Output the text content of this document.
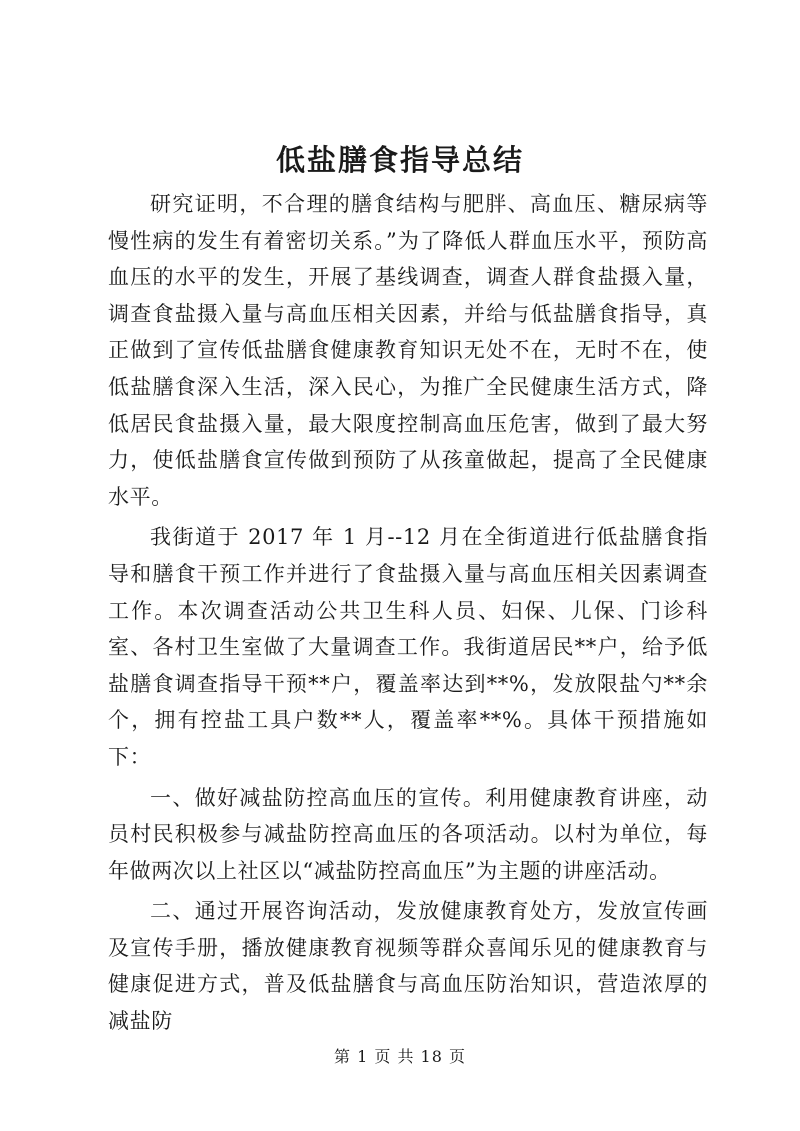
低盐膳食指导总结

研究证明，不合理的膳食结构与肥胖、高血压、糖尿病等慢性病的发生有着密切关系。”为了降低人群血压水平，预防高血压的水平的发生，开展了基线调查，调查人群食盐摄入量，调查食盐摄入量与高血压相关因素，并给与低盐膳食指导，真正做到了宣传低盐膳食健康教育知识无处不在，无时不在，使低盐膳食深入生活，深入民心，为推广全民健康生活方式，降低居民食盐摄入量，最大限度控制高血压危害，做到了最大努力，使低盐膳食宣传做到预防了从孩童做起，提高了全民健康水平。

我街道于 2017 年 1 月--12 月在全街道进行低盐膳食指导和膳食干预工作并进行了食盐摄入量与高血压相关因素调查工作。本次调查活动公共卫生科人员、妇保、儿保、门诊科室、各村卫生室做了大量调查工作。我街道居民**户，给予低盐膳食调查指导干预**户，覆盖率达到**%，发放限盐勺**余个，拥有控盐工具户数**人，覆盖率**%。具体干预措施如下：

一、做好减盐防控高血压的宣传。利用健康教育讲座，动员村民积极参与减盐防控高血压的各项活动。以村为单位，每年做两次以上社区以“减盐防控高血压”为主题的讲座活动。

二、通过开展咨询活动，发放健康教育处方，发放宣传画及宣传手册，播放健康教育视频等群众喜闻乐见的健康教育与健康促进方式，普及低盐膳食与高血压防治知识，营造浓厚的减盐防

第 1 页 共 18 页
